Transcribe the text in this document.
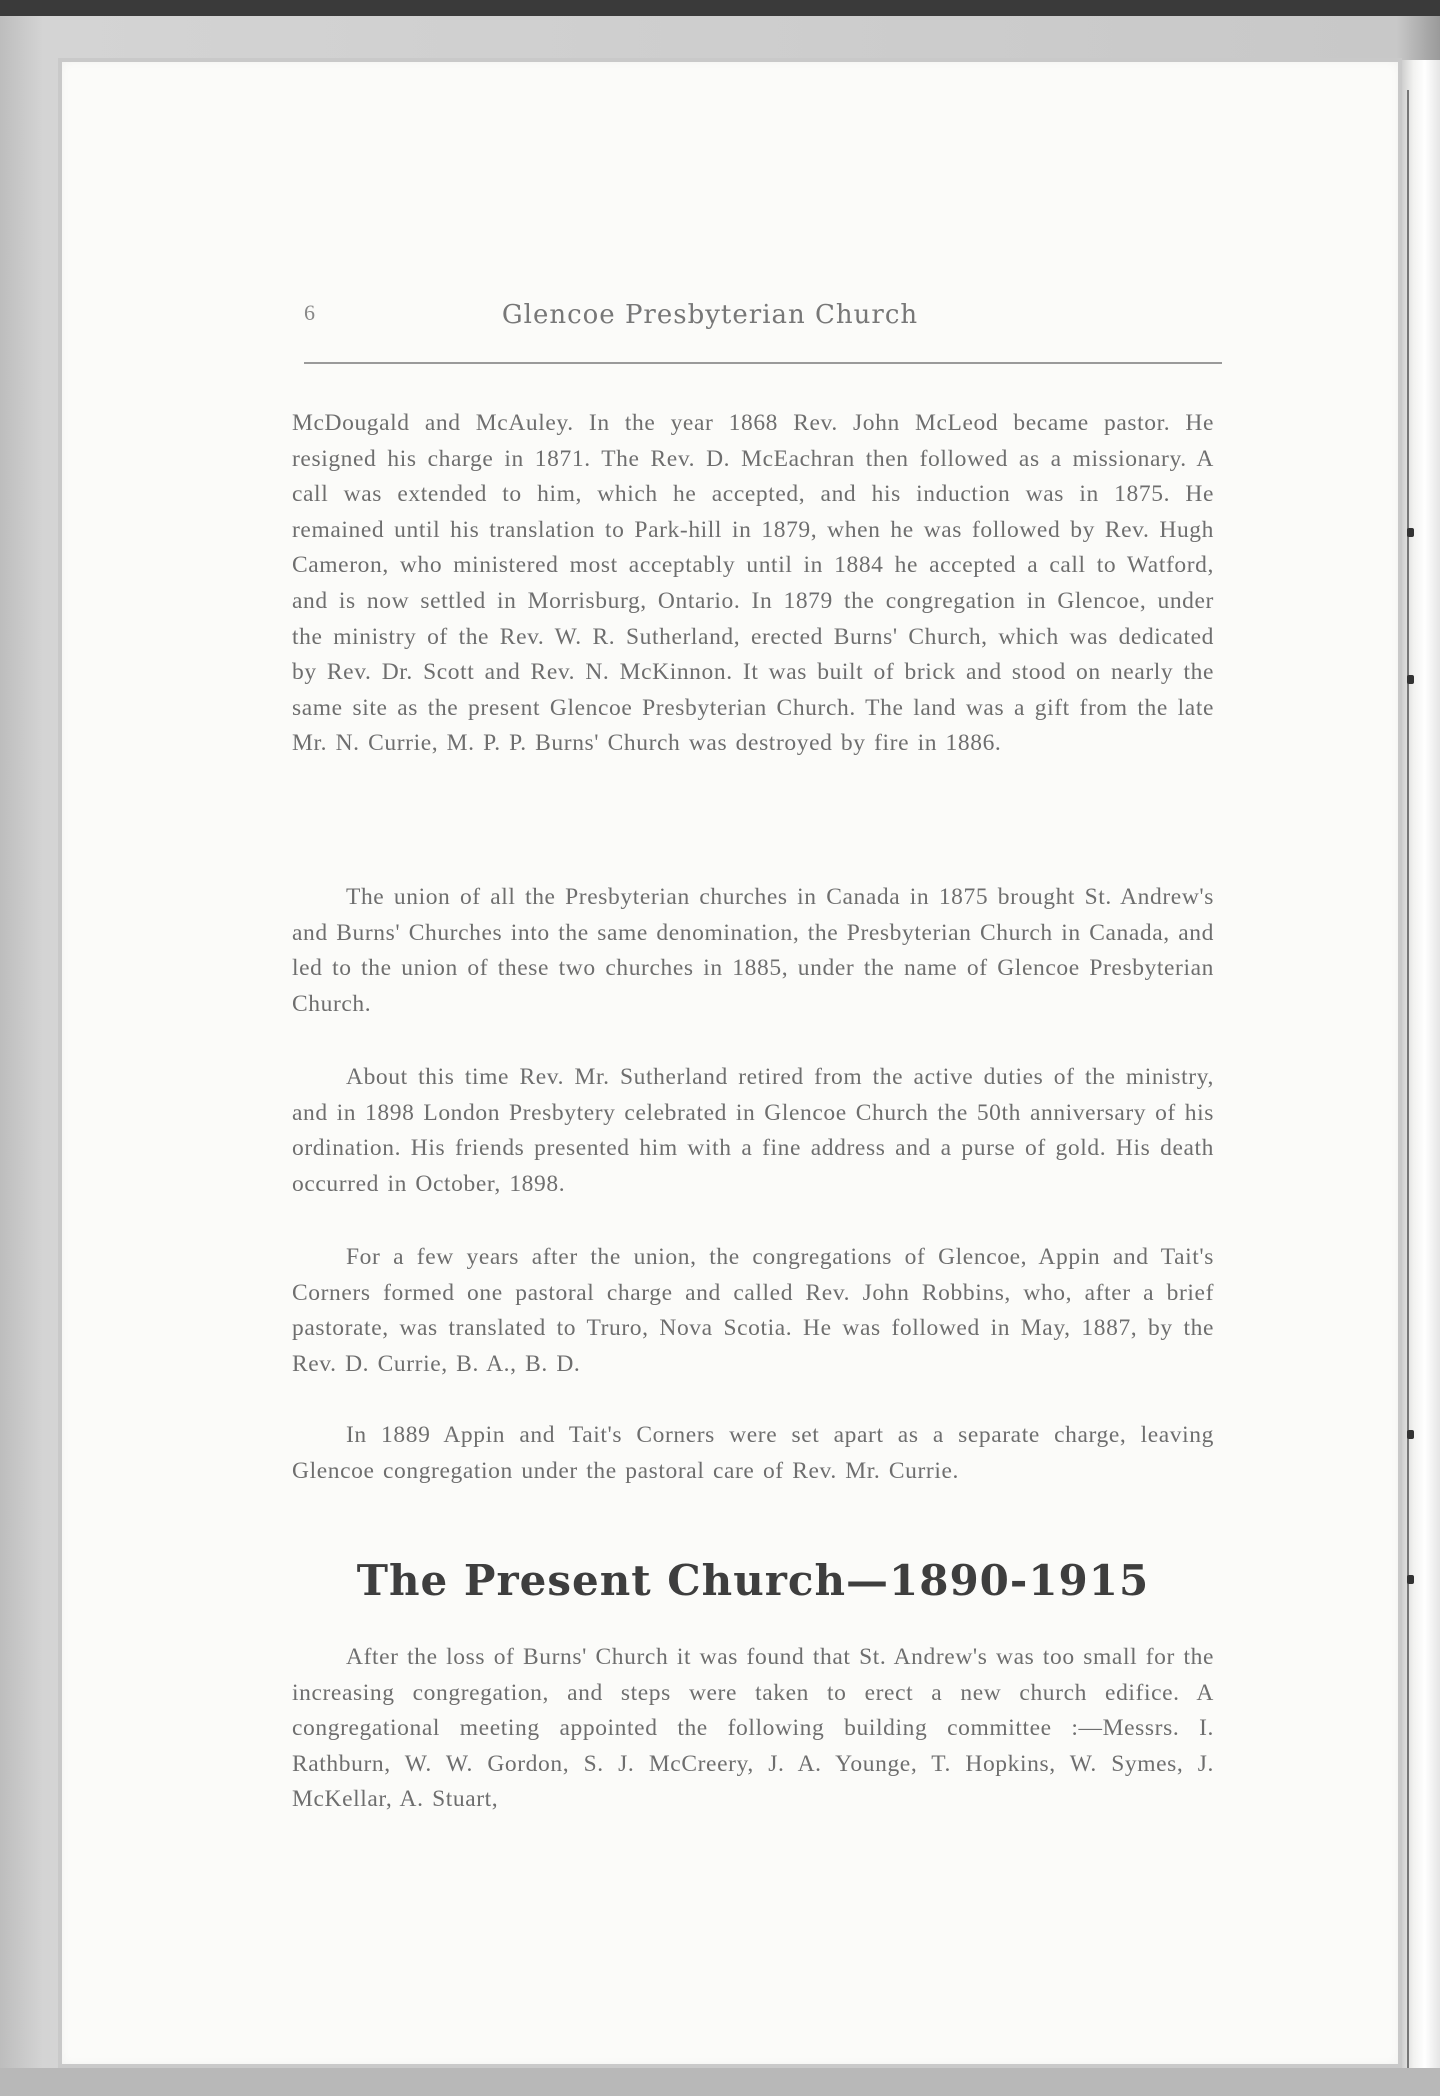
6	Glencoe Presbyterian Church

McDougald and McAuley. In the year 1868 Rev. John McLeod became pastor. He resigned his charge in 1871. The Rev. D. McEachran then followed as a missionary. A call was extended to him, which he accepted, and his induction was in 1875. He remained until his translation to Park-hill in 1879, when he was followed by Rev. Hugh Cameron, who ministered most acceptably until in 1884 he accepted a call to Watford, and is now settled in Morrisburg, Ontario. In 1879 the congregation in Glencoe, under the ministry of the Rev. W. R. Sutherland, erected Burns' Church, which was dedicated by Rev. Dr. Scott and Rev. N. McKinnon. It was built of brick and stood on nearly the same site as the present Glencoe Presbyterian Church. The land was a gift from the late Mr. N. Currie, M. P. P. Burns' Church was destroyed by fire in 1886.

The union of all the Presbyterian churches in Canada in 1875 brought St. Andrew's and Burns' Churches into the same denomination, the Presbyterian Church in Canada, and led to the union of these two churches in 1885, under the name of Glencoe Presbyterian Church.

About this time Rev. Mr. Sutherland retired from the active duties of the ministry, and in 1898 London Presbytery celebrated in Glencoe Church the 50th anniversary of his ordination. His friends presented him with a fine address and a purse of gold. His death occurred in October, 1898.

For a few years after the union, the congregations of Glencoe, Appin and Tait's Corners formed one pastoral charge and called Rev. John Robbins, who, after a brief pastorate, was translated to Truro, Nova Scotia. He was followed in May, 1887, by the Rev. D. Currie, B. A., B. D.

In 1889 Appin and Tait's Corners were set apart as a separate charge, leaving Glencoe congregation under the pastoral care of Rev. Mr. Currie.

The Present Church—1890-1915

After the loss of Burns' Church it was found that St. Andrew's was too small for the increasing congregation, and steps were taken to erect a new church edifice. A congregational meeting appointed the following building committee :—Messrs. I. Rathburn, W. W. Gordon, S. J. McCreery, J. A. Younge, T. Hopkins, W. Symes, J. McKellar, A. Stuart,
